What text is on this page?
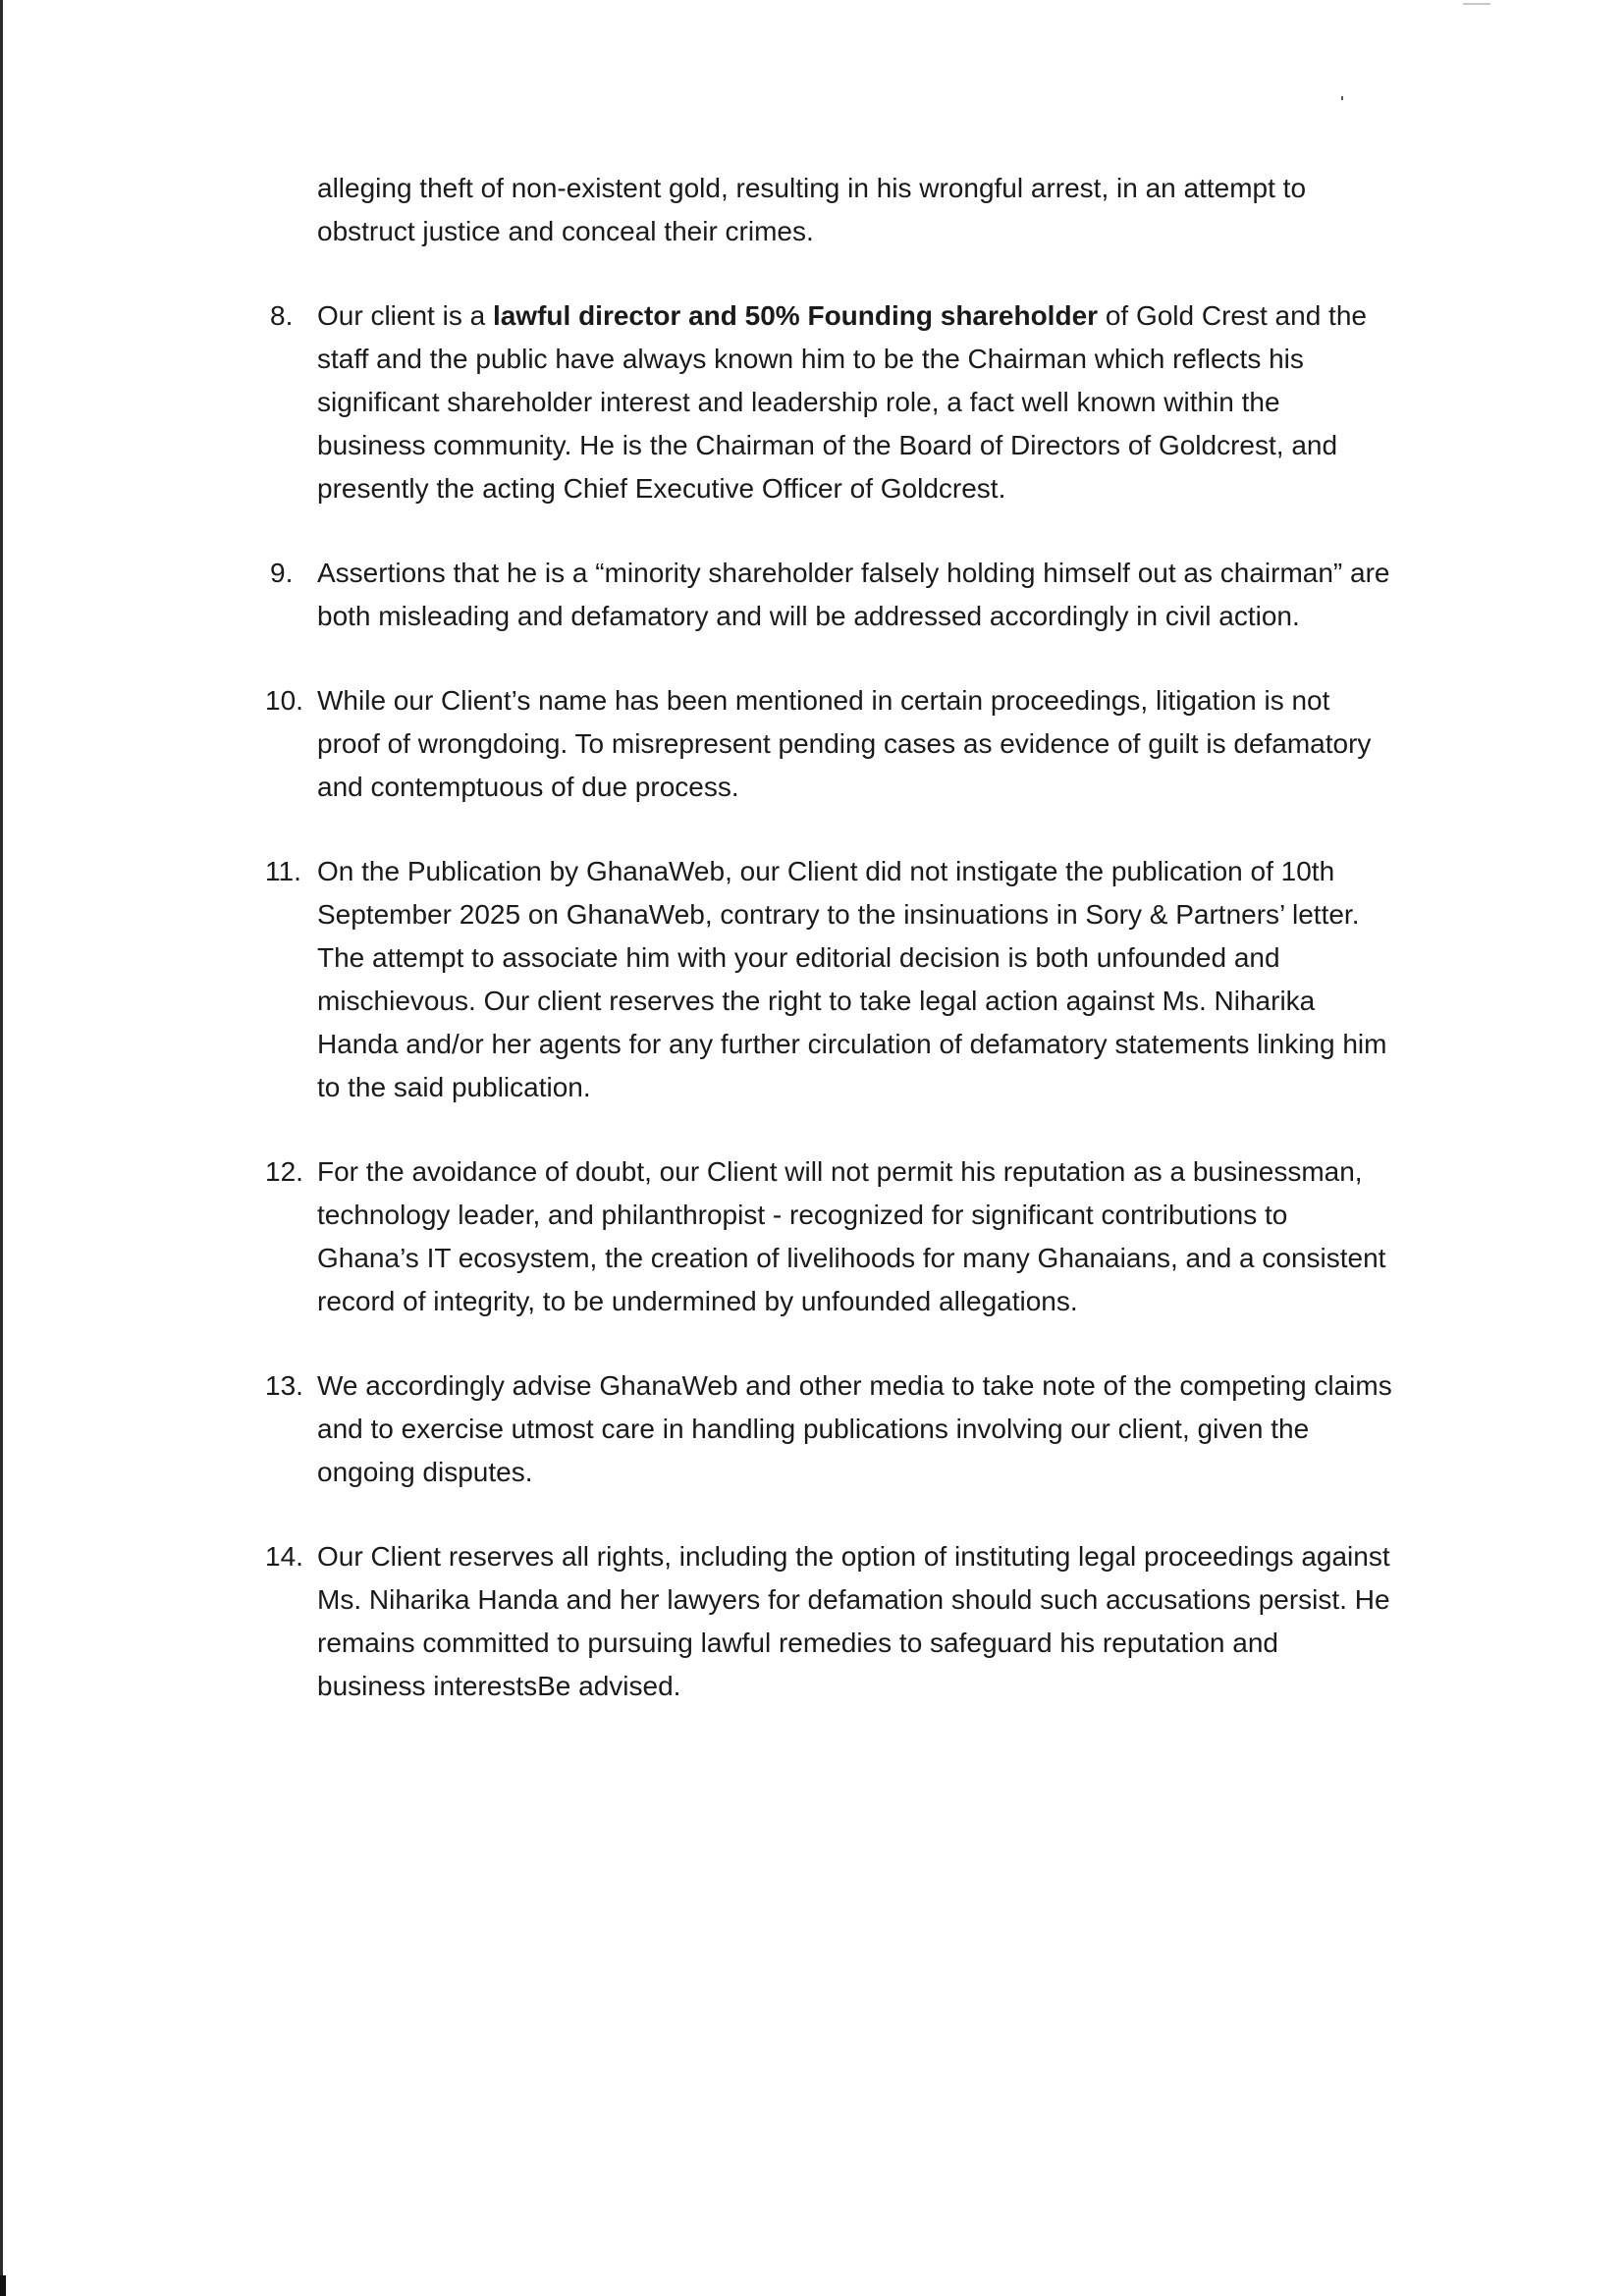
alleging theft of non-existent gold, resulting in his wrongful arrest, in an attempt to obstruct justice and conceal their crimes.

8. Our client is a lawful director and 50% Founding shareholder of Gold Crest and the staff and the public have always known him to be the Chairman which reflects his significant shareholder interest and leadership role, a fact well known within the business community. He is the Chairman of the Board of Directors of Goldcrest, and presently the acting Chief Executive Officer of Goldcrest.
9. Assertions that he is a “minority shareholder falsely holding himself out as chairman” are both misleading and defamatory and will be addressed accordingly in civil action.
10. While our Client’s name has been mentioned in certain proceedings, litigation is not proof of wrongdoing. To misrepresent pending cases as evidence of guilt is defamatory and contemptuous of due process.
11. On the Publication by GhanaWeb, our Client did not instigate the publication of 10th September 2025 on GhanaWeb, contrary to the insinuations in Sory & Partners’ letter. The attempt to associate him with your editorial decision is both unfounded and mischievous. Our client reserves the right to take legal action against Ms. Niharika Handa and/or her agents for any further circulation of defamatory statements linking him to the said publication.
12. For the avoidance of doubt, our Client will not permit his reputation as a businessman, technology leader, and philanthropist - recognized for significant contributions to Ghana’s IT ecosystem, the creation of livelihoods for many Ghanaians, and a consistent record of integrity, to be undermined by unfounded allegations.
13. We accordingly advise GhanaWeb and other media to take note of the competing claims and to exercise utmost care in handling publications involving our client, given the ongoing disputes.
14. Our Client reserves all rights, including the option of instituting legal proceedings against Ms. Niharika Handa and her lawyers for defamation should such accusations persist. He remains committed to pursuing lawful remedies to safeguard his reputation and business interestsBe advised.
